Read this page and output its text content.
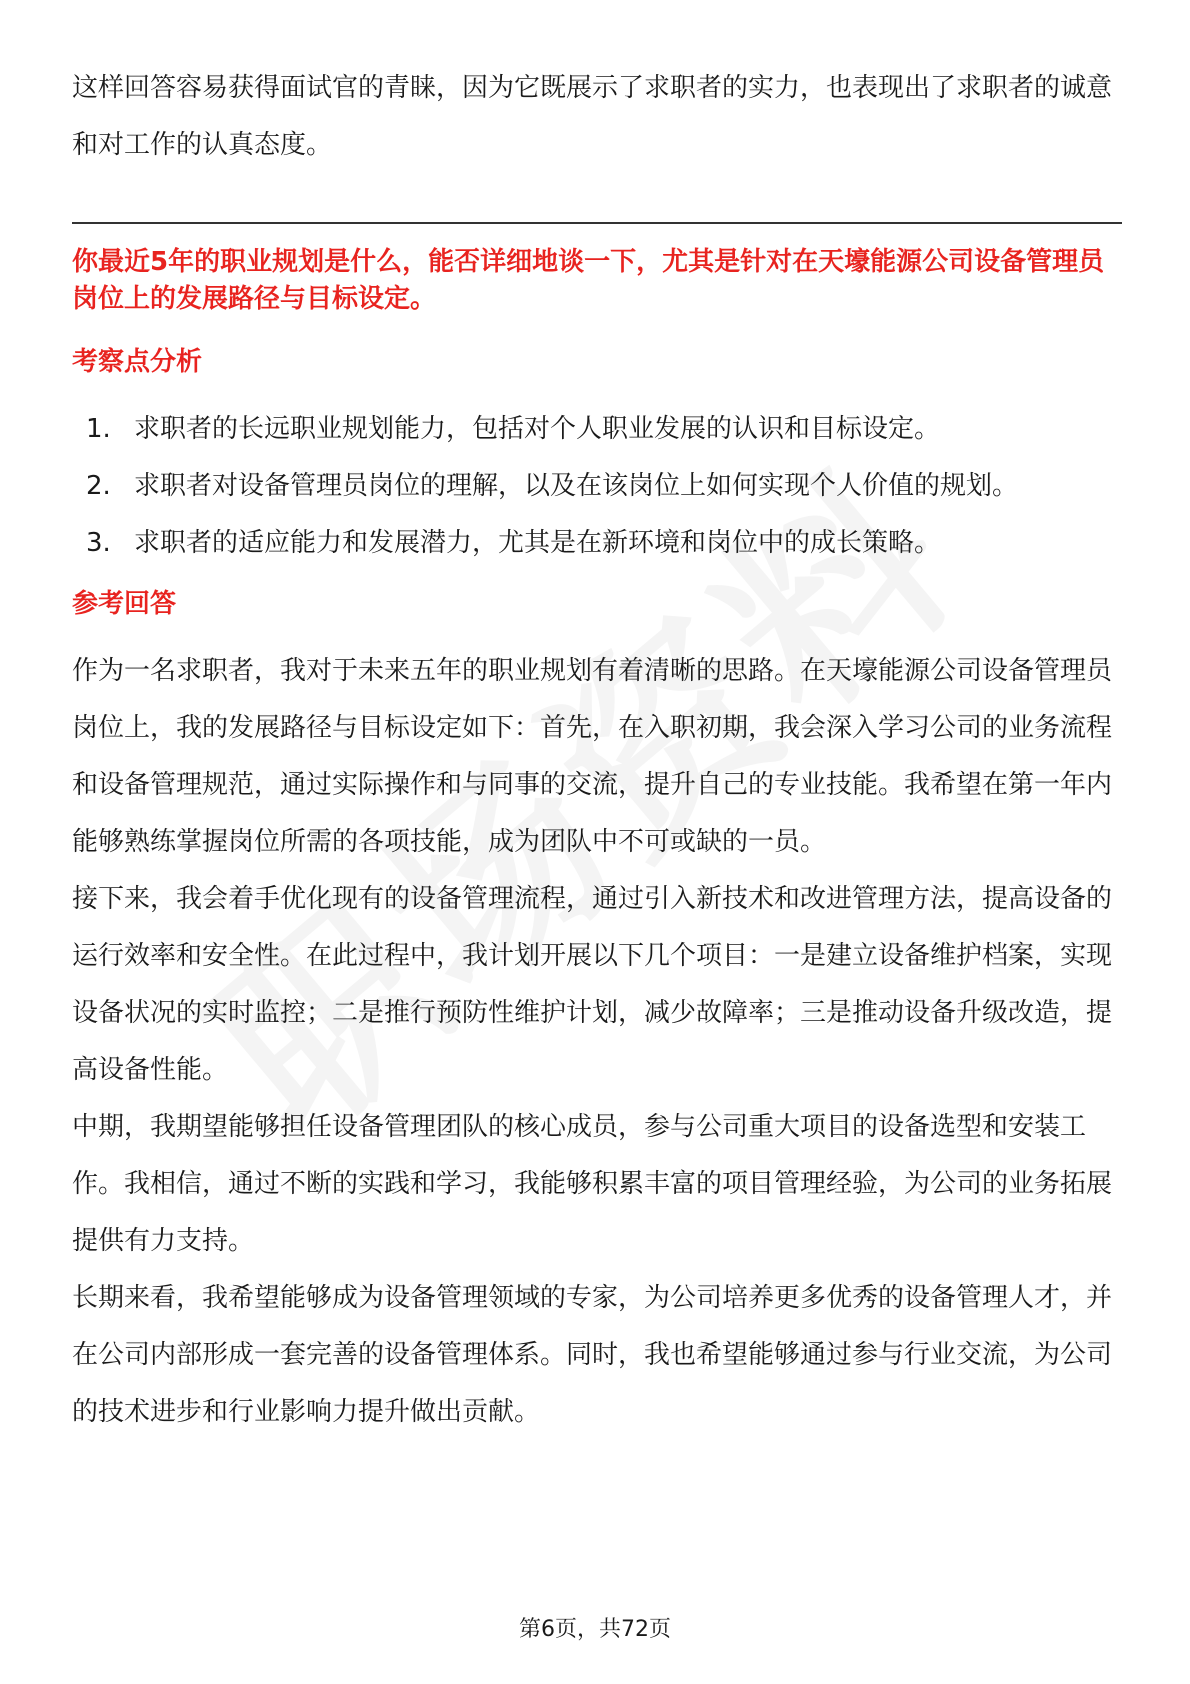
这样回答容易获得面试官的青睐，因为它既展示了求职者的实力，也表现出了求职者的诚意和对工作的认真态度。

你最近5年的职业规划是什么，能否详细地谈一下，尤其是针对在天壕能源公司设备管理员岗位上的发展路径与目标设定。

考察点分析

1. 求职者的长远职业规划能力，包括对个人职业发展的认识和目标设定。
2. 求职者对设备管理员岗位的理解，以及在该岗位上如何实现个人价值的规划。
3. 求职者的适应能力和发展潜力，尤其是在新环境和岗位中的成长策略。

参考回答

作为一名求职者，我对于未来五年的职业规划有着清晰的思路。在天壕能源公司设备管理员岗位上，我的发展路径与目标设定如下：首先，在入职初期，我会深入学习公司的业务流程和设备管理规范，通过实际操作和与同事的交流，提升自己的专业技能。我希望在第一年内能够熟练掌握岗位所需的各项技能，成为团队中不可或缺的一员。

接下来，我会着手优化现有的设备管理流程，通过引入新技术和改进管理方法，提高设备的运行效率和安全性。在此过程中，我计划开展以下几个项目：一是建立设备维护档案，实现设备状况的实时监控；二是推行预防性维护计划，减少故障率；三是推动设备升级改造，提高设备性能。

中期，我期望能够担任设备管理团队的核心成员，参与公司重大项目的设备选型和安装工作。我相信，通过不断的实践和学习，我能够积累丰富的项目管理经验，为公司的业务拓展提供有力支持。

长期来看，我希望能够成为设备管理领域的专家，为公司培养更多优秀的设备管理人才，并在公司内部形成一套完善的设备管理体系。同时，我也希望能够通过参与行业交流，为公司的技术进步和行业影响力提升做出贡献。

第6页，共72页
